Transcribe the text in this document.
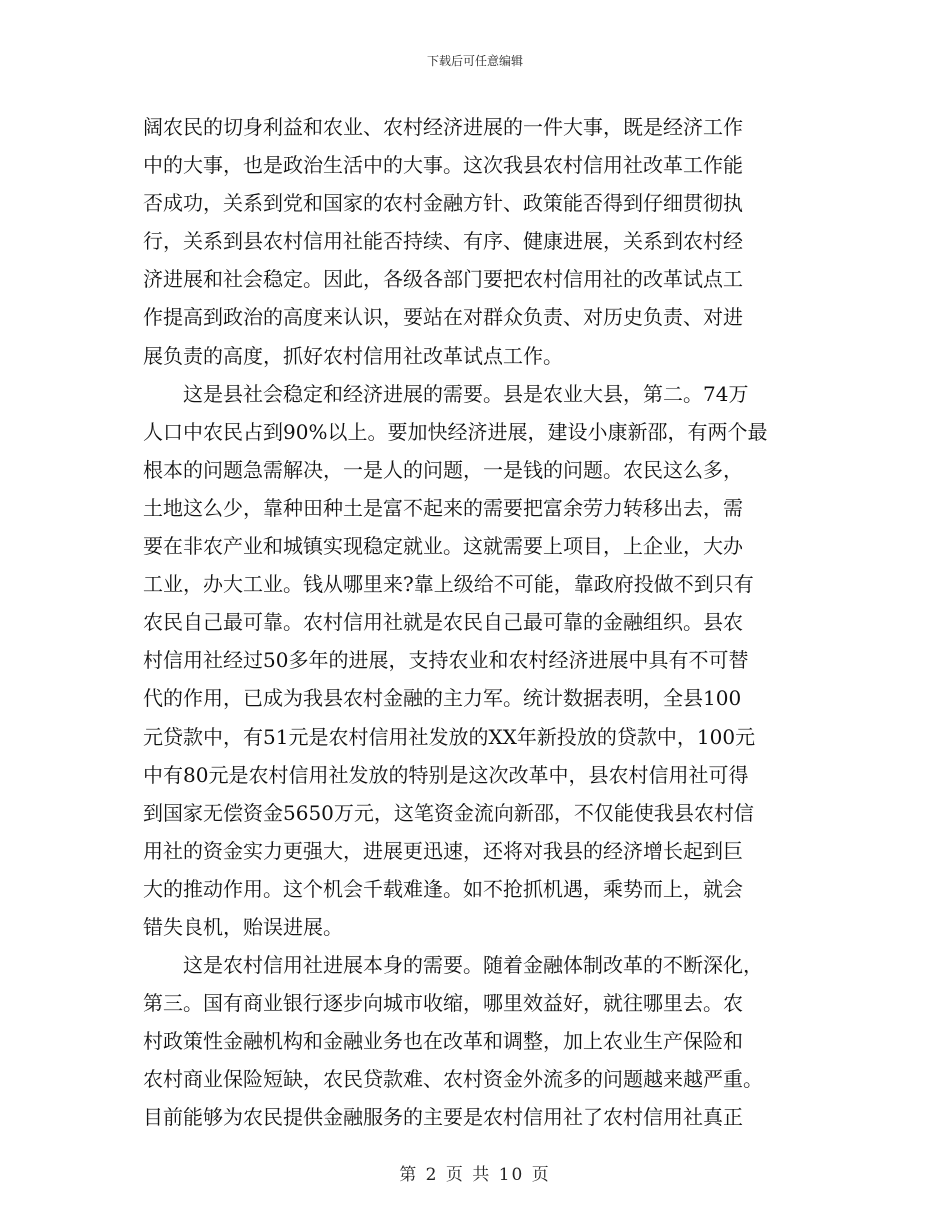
下载后可任意编辑

阔农民的切身利益和农业、农村经济进展的一件大事，既是经济工作
中的大事，也是政治生活中的大事。这次我县农村信用社改革工作能
否成功，关系到党和国家的农村金融方针、政策能否得到仔细贯彻执
行，关系到县农村信用社能否持续、有序、健康进展，关系到农村经
济进展和社会稳定。因此，各级各部门要把农村信用社的改革试点工
作提高到政治的高度来认识，要站在对群众负责、对历史负责、对进
展负责的高度，抓好农村信用社改革试点工作。

这是县社会稳定和经济进展的需要。县是农业大县，第二。74万
人口中农民占到90%以上。要加快经济进展，建设小康新邵，有两个最
根本的问题急需解决，一是人的问题，一是钱的问题。农民这么多，
土地这么少，靠种田种土是富不起来的需要把富余劳力转移出去，需
要在非农产业和城镇实现稳定就业。这就需要上项目，上企业，大办
工业，办大工业。钱从哪里来?靠上级给不可能，靠政府投做不到只有
农民自己最可靠。农村信用社就是农民自己最可靠的金融组织。县农
村信用社经过50多年的进展，支持农业和农村经济进展中具有不可替
代的作用，已成为我县农村金融的主力军。统计数据表明，全县100
元贷款中，有51元是农村信用社发放的XX年新投放的贷款中，100元
中有80元是农村信用社发放的特别是这次改革中，县农村信用社可得
到国家无偿资金5650万元，这笔资金流向新邵，不仅能使我县农村信
用社的资金实力更强大，进展更迅速，还将对我县的经济增长起到巨
大的推动作用。这个机会千载难逢。如不抢抓机遇，乘势而上，就会
错失良机，贻误进展。

这是农村信用社进展本身的需要。随着金融体制改革的不断深化，
第三。国有商业银行逐步向城市收缩，哪里效益好，就往哪里去。农
村政策性金融机构和金融业务也在改革和调整，加上农业生产保险和
农村商业保险短缺，农民贷款难、农村资金外流多的问题越来越严重。
目前能够为农民提供金融服务的主要是农村信用社了农村信用社真正

第 2 页 共 10 页
